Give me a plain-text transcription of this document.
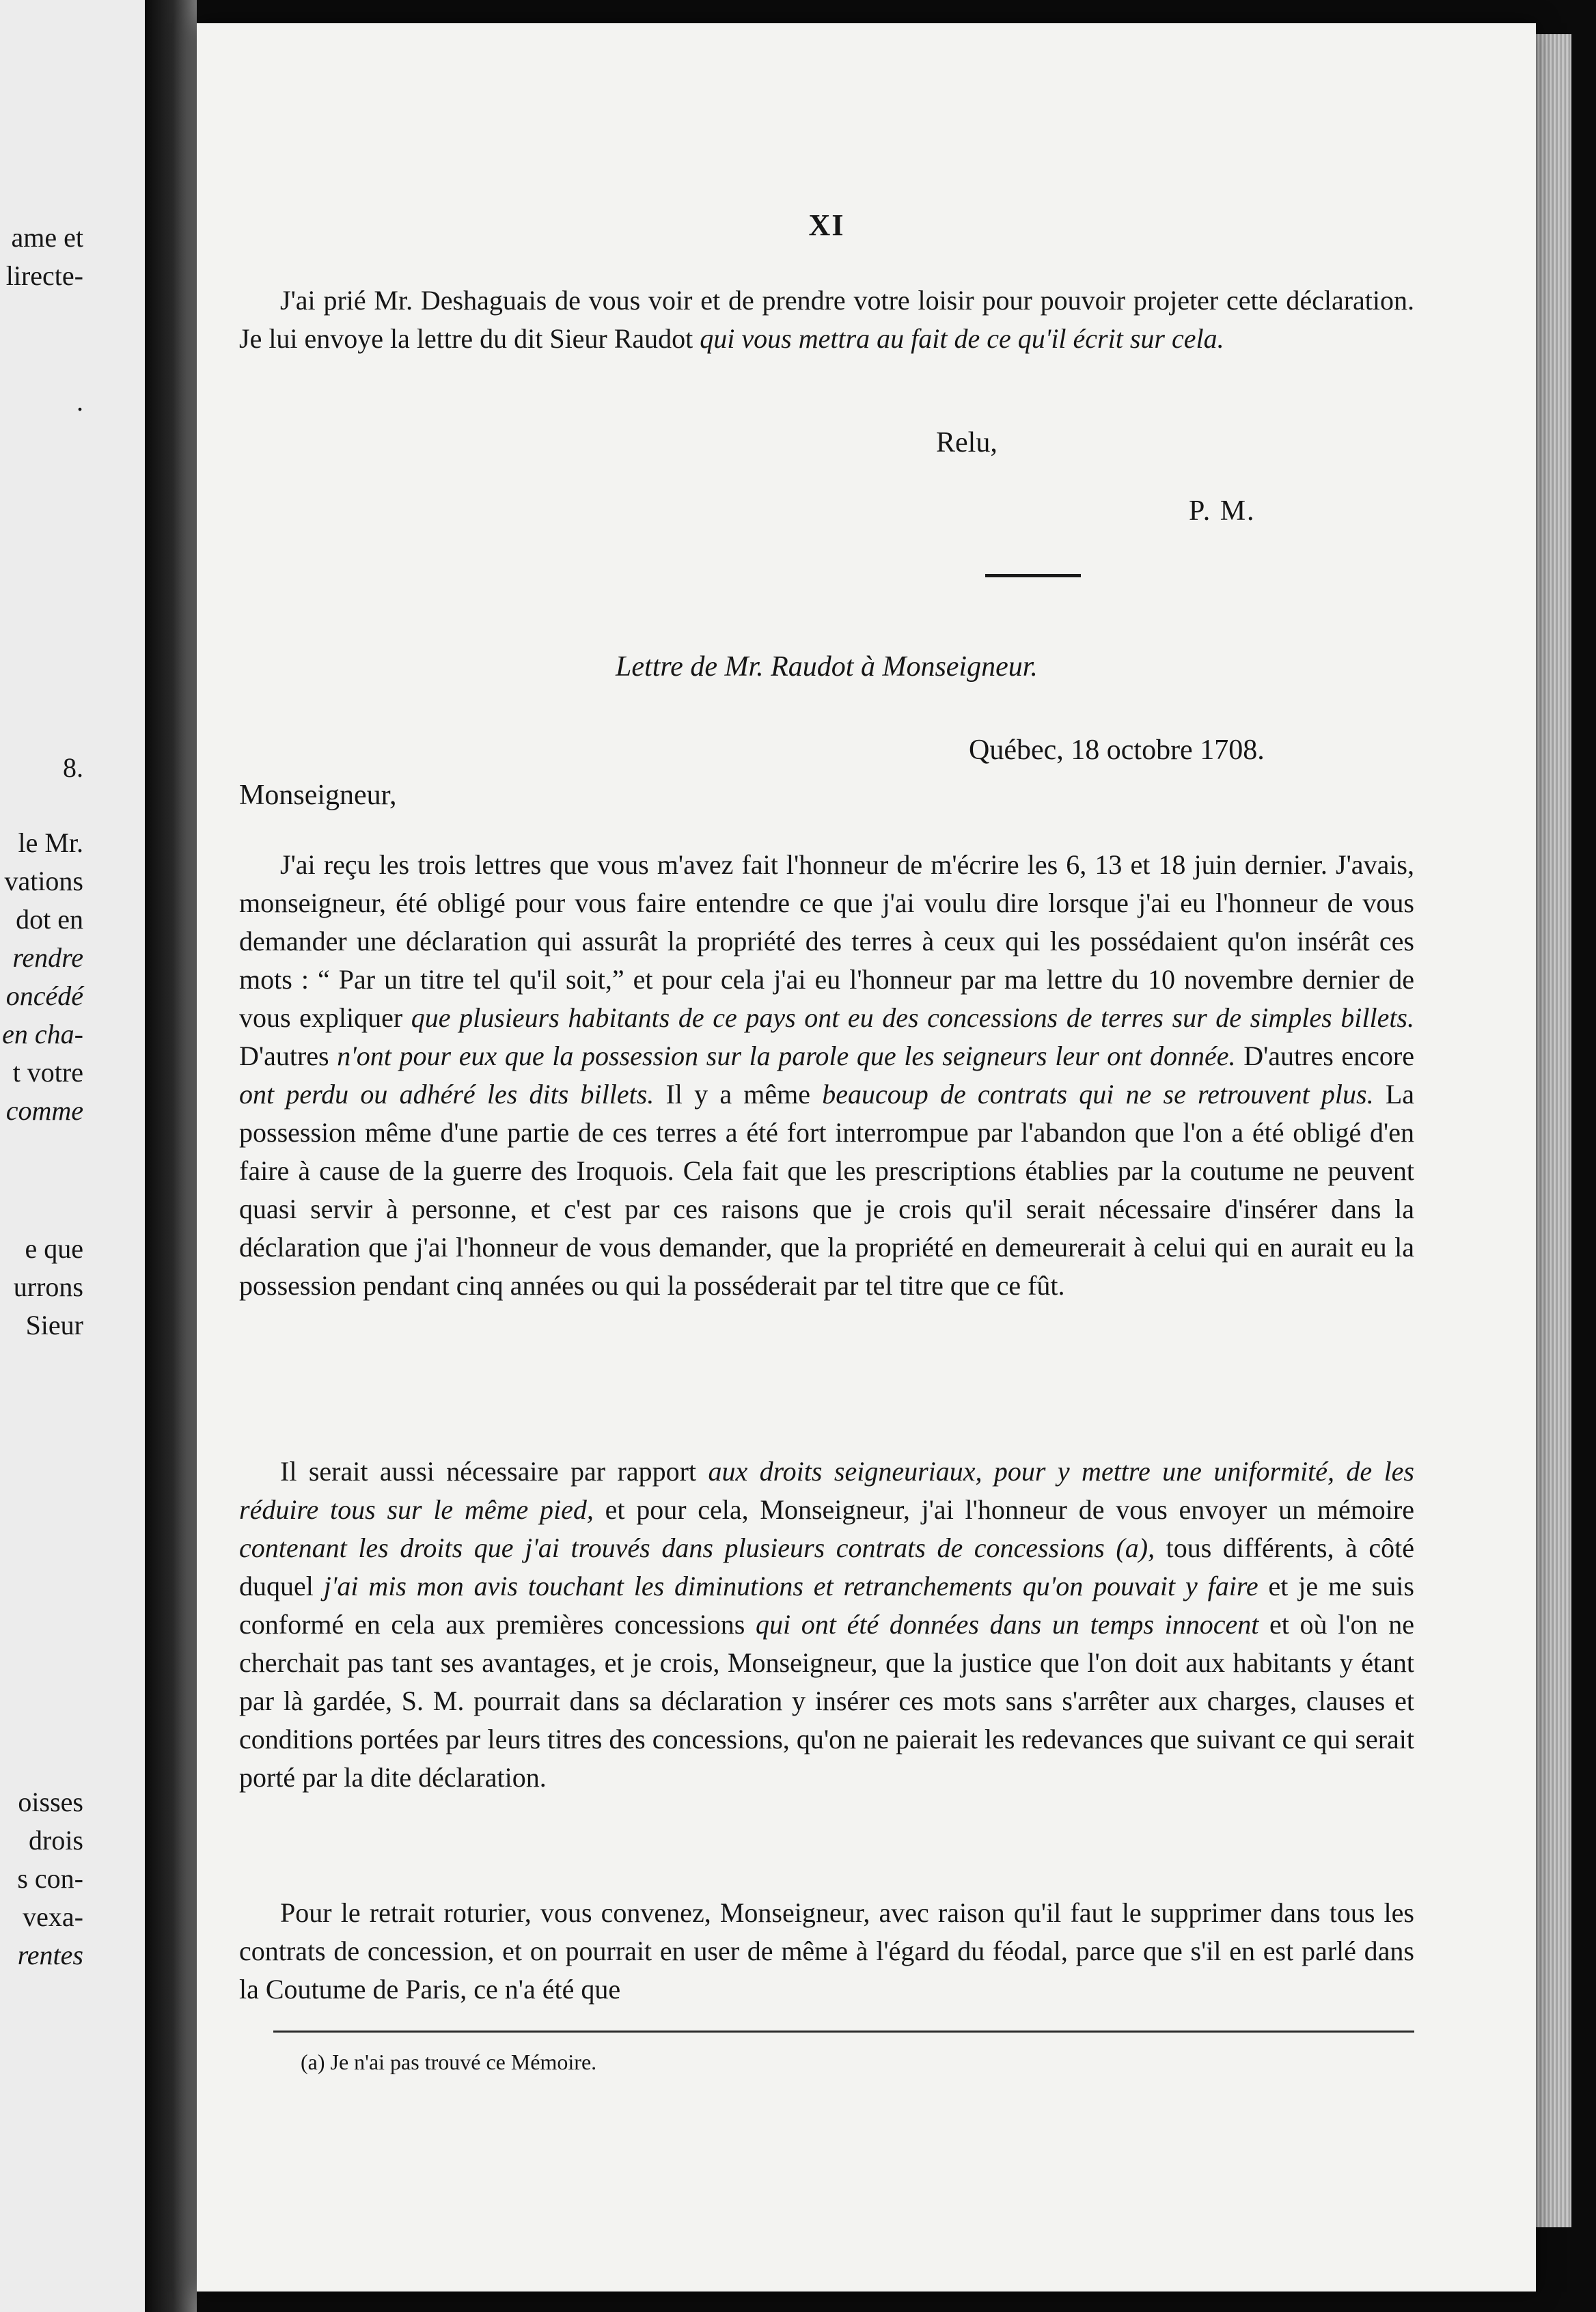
ame et
lirecte-
.
8.
le Mr.
vations
dot en
rendre
oncédé
en cha-
t votre
comme
e que
urrons
Sieur
oisses
drois
s con-
vexa-
rentes
XI

J'ai prié Mr. Deshaguais de vous voir et de prendre votre loisir pour pouvoir projeter cette déclaration. Je lui envoye la lettre du dit Sieur Raudot qui vous mettra au fait de ce qu'il écrit sur cela.

Relu,
P. M.
Lettre de Mr. Raudot à Monseigneur.
Québec, 18 octobre 1708.
Monseigneur,

J'ai reçu les trois lettres que vous m'avez fait l'honneur de m'écrire les 6, 13 et 18 juin dernier. J'avais, monseigneur, été obligé pour vous faire entendre ce que j'ai voulu dire lorsque j'ai eu l'honneur de vous demander une déclaration qui assurât la propriété des terres à ceux qui les possédaient qu'on insérât ces mots : “ Par un titre tel qu'il soit,” et pour cela j'ai eu l'honneur par ma lettre du 10 novembre dernier de vous expliquer que plusieurs habitants de ce pays ont eu des concessions de terres sur de simples billets. D'autres n'ont pour eux que la possession sur la parole que les seigneurs leur ont donnée. D'autres encore ont perdu ou adhéré les dits billets. Il y a même beaucoup de contrats qui ne se retrouvent plus. La possession même d'une partie de ces terres a été fort interrompue par l'abandon que l'on a été obligé d'en faire à cause de la guerre des Iroquois. Cela fait que les prescriptions établies par la coutume ne peuvent quasi servir à personne, et c'est par ces raisons que je crois qu'il serait nécessaire d'insérer dans la déclaration que j'ai l'honneur de vous demander, que la propriété en demeurerait à celui qui en aurait eu la possession pendant cinq années ou qui la posséderait par tel titre que ce fût.

Il serait aussi nécessaire par rapport aux droits seigneuriaux, pour y mettre une uniformité, de les réduire tous sur le même pied, et pour cela, Monseigneur, j'ai l'honneur de vous envoyer un mémoire contenant les droits que j'ai trouvés dans plusieurs contrats de concessions (a), tous différents, à côté duquel j'ai mis mon avis touchant les diminutions et retranchements qu'on pouvait y faire et je me suis conformé en cela aux premières concessions qui ont été données dans un temps innocent et où l'on ne cherchait pas tant ses avantages, et je crois, Monseigneur, que la justice que l'on doit aux habitants y étant par là gardée, S. M. pourrait dans sa déclaration y insérer ces mots sans s'arrêter aux charges, clauses et conditions portées par leurs titres des concessions, qu'on ne paierait les redevances que suivant ce qui serait porté par la dite déclaration.

Pour le retrait roturier, vous convenez, Monseigneur, avec raison qu'il faut le supprimer dans tous les contrats de concession, et on pourrait en user de même à l'égard du féodal, parce que s'il en est parlé dans la Coutume de Paris, ce n'a été que

(a) Je n'ai pas trouvé ce Mémoire.
